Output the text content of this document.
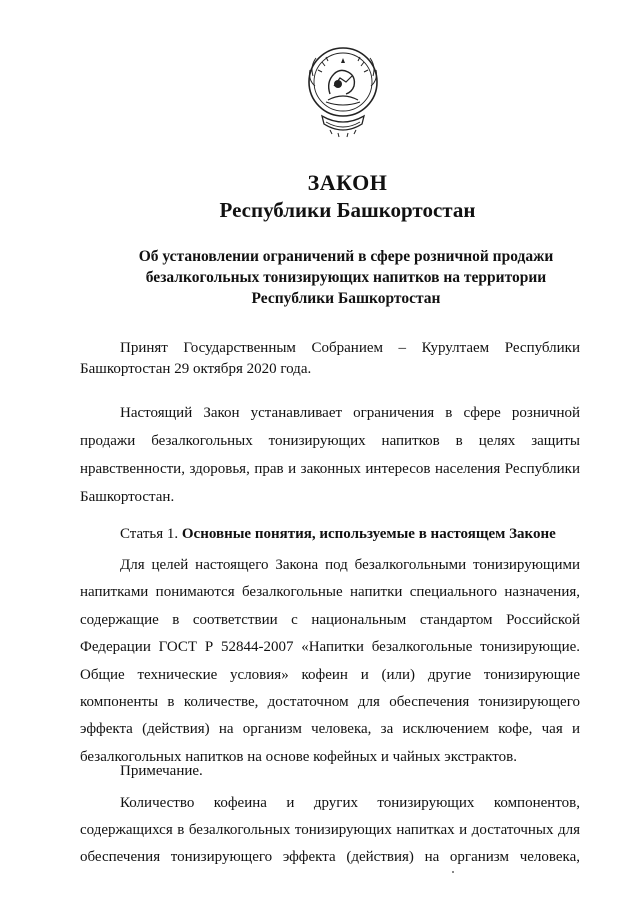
ЗАКОН
Республики Башкортостан
Об установлении ограничений в сфере розничной продажи
безалкогольных тонизирующих напитков на территории
Республики Башкортостан
Принят Государственным Собранием – Курултаем Республики
Башкортостан 29 октября 2020 года.
Настоящий Закон устанавливает ограничения в сфере розничной
продажи безалкогольных тонизирующих напитков в целях защиты
нравственности, здоровья, прав и законных интересов населения Республики
Башкортостан.
Статья 1. Основные понятия, используемые в настоящем Законе
Для целей настоящего Закона под безалкогольными тонизирующими
напитками понимаются безалкогольные напитки специального назначения,
содержащие в соответствии с национальным стандартом Российской
Федерации ГОСТ Р 52844-2007 «Напитки безалкогольные тонизирующие.
Общие технические условия» кофеин и (или) другие тонизирующие
компоненты в количестве, достаточном для обеспечения тонизирующего
эффекта (действия) на организм человека, за исключением кофе, чая и
безалкогольных напитков на основе кофейных и чайных экстрактов.
Примечание.
Количество кофеина и других тонизирующих компонентов,
содержащихся в безалкогольных тонизирующих напитках и достаточных для
обеспечения тонизирующего эффекта (действия) на организм человека,
